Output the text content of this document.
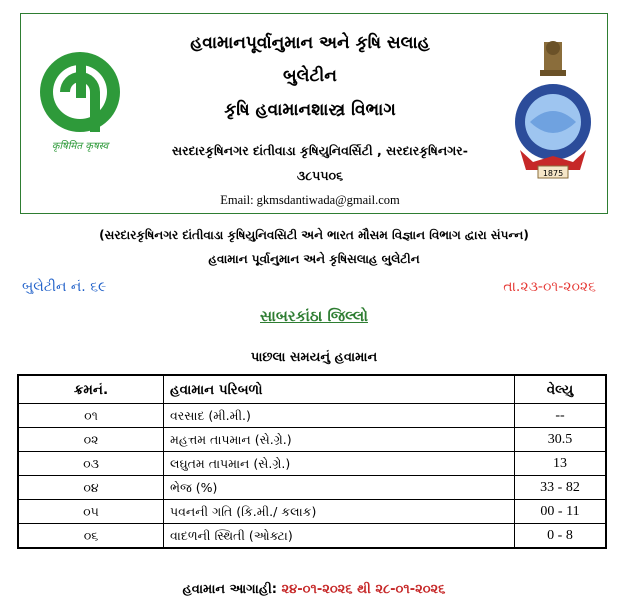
कृषिमित कृषस्व
1875
હવામાનપૂર્વાનુમાન અને કૃષિ સલાહ
બુલેટીન
કૃષિ હવામાનશાસ્ત્ર વિભાગ
સરદારકૃષિનગર દાંતીવાડા કૃષિયુનિવર્સિટી , સરદારકૃષિનગર-
૩૮૫૫૦૬
Email: gkmsdantiwada@gmail.com
(સરદારકૃષિનગર દાંતીવાડા કૃષિયુનિવસિટી અને ભારત મૌસમ વિજ્ઞાન વિભાગ દ્વારા સંપન્ન)
હવામાન પૂર્વાનુમાન અને કૃષિસલાહ બુલેટીન
બુલેટીન નં. ૬૯	તા.૨૩-૦૧-૨૦૨૬
સાબરકાંઠા જિલ્લો
પાછલા સમયનું હવામાન
ક્રમનં.	હવામાન પરિબળો	વેલ્યુ
૦૧	વરસાદ (મી.મી.)	--
૦૨	મહત્તમ તાપમાન (સે.ગ્રે.)	30.5
૦૩	લઘુતમ તાપમાન (સે.ગ્રે.)	13
૦૪	ભેજ (%)	33 - 82
૦૫	પવનની ગતિ (કિ.મી./ કલાક)	00 - 11
૦૬	વાદળની સ્થિતી (ઓક્ટા)	0 - 8
હવામાન આગાહી: ૨૪-૦૧-૨૦૨૬ થી ૨૮-૦૧-૨૦૨૬
